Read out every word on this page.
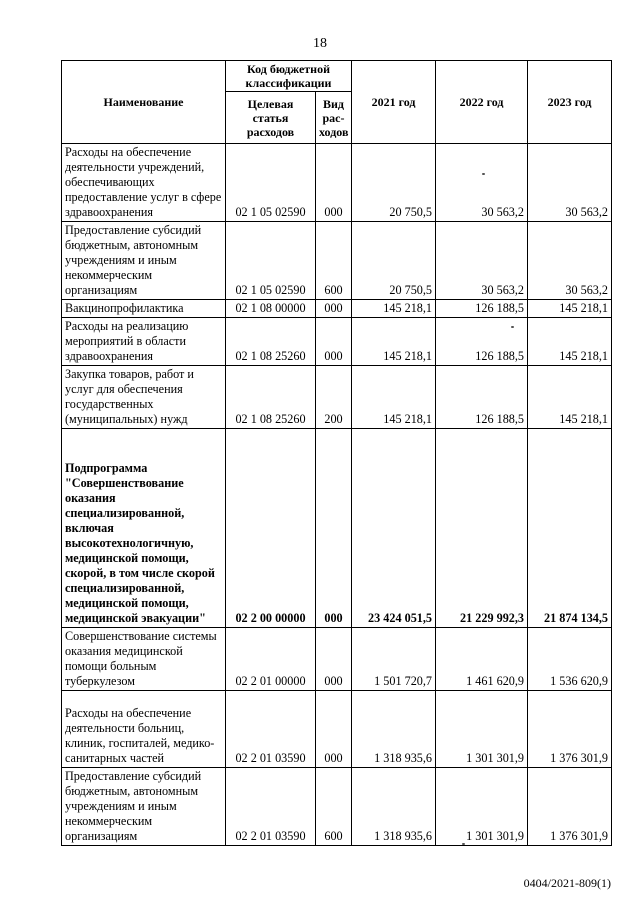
18
Наименование	Код бюджетной классификации		2021 год	2022 год	2023 год
	Целевая статья расходов	Вид рас-ходов			
Расходы на обеспечение деятельности учреждений, обеспечивающих предоставление услуг в сфере здравоохранения	02 1 05 02590	000	20 750,5	30 563,2	30 563,2
Предоставление субсидий бюджетным, автономным учреждениям и иным некоммерческим организациям	02 1 05 02590	600	20 750,5	30 563,2	30 563,2
Вакцинопрофилактика	02 1 08 00000	000	145 218,1	126 188,5	145 218,1
Расходы на реализацию мероприятий в области здравоохранения	02 1 08 25260	000	145 218,1	126 188,5	145 218,1
Закупка товаров, работ и услуг для обеспечения государственных (муниципальных) нужд	02 1 08 25260	200	145 218,1	126 188,5	145 218,1
Подпрограмма "Совершенствование оказания специализированной, включая высокотехнологичную, медицинской помощи, скорой, в том числе скорой специализированной, медицинской помощи, медицинской эвакуации"	02 2 00 00000	000	23 424 051,5	21 229 992,3	21 874 134,5
Совершенствование системы оказания медицинской помощи больным туберкулезом	02 2 01 00000	000	1 501 720,7	1 461 620,9	1 536 620,9
Расходы на обеспечение деятельности больниц, клиник, госпиталей, медико-санитарных частей	02 2 01 03590	000	1 318 935,6	1 301 301,9	1 376 301,9
Предоставление субсидий бюджетным, автономным учреждениям и иным некоммерческим организациям	02 2 01 03590	600	1 318 935,6	1 301 301,9	1 376 301,9
0404/2021-809(1)
